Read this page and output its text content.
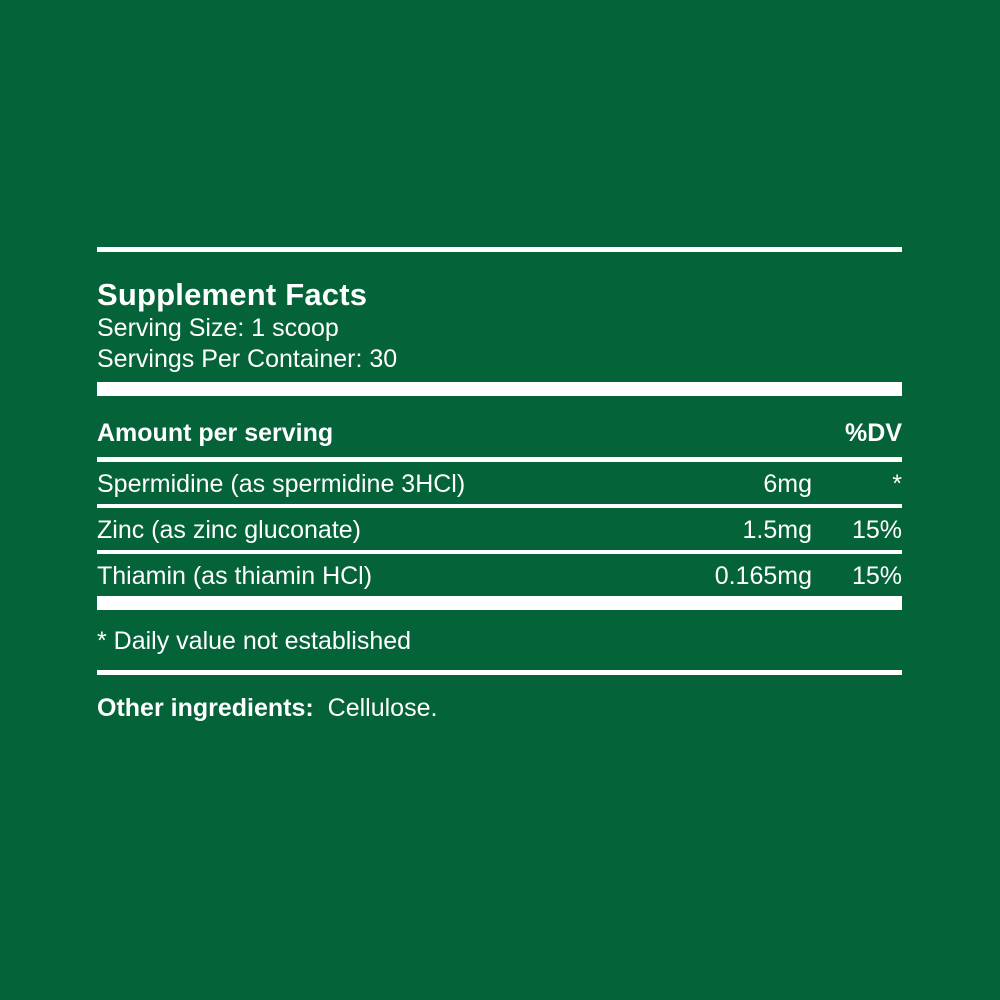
Supplement Facts
Serving Size: 1 scoop
Servings Per Container: 30
Amount per serving	%DV
Spermidine (as spermidine 3HCl)	6mg	*
Zinc (as zinc gluconate)	1.5mg	15%
Thiamin (as thiamin HCl)	0.165mg	15%
* Daily value not established
Other ingredients: Cellulose.
